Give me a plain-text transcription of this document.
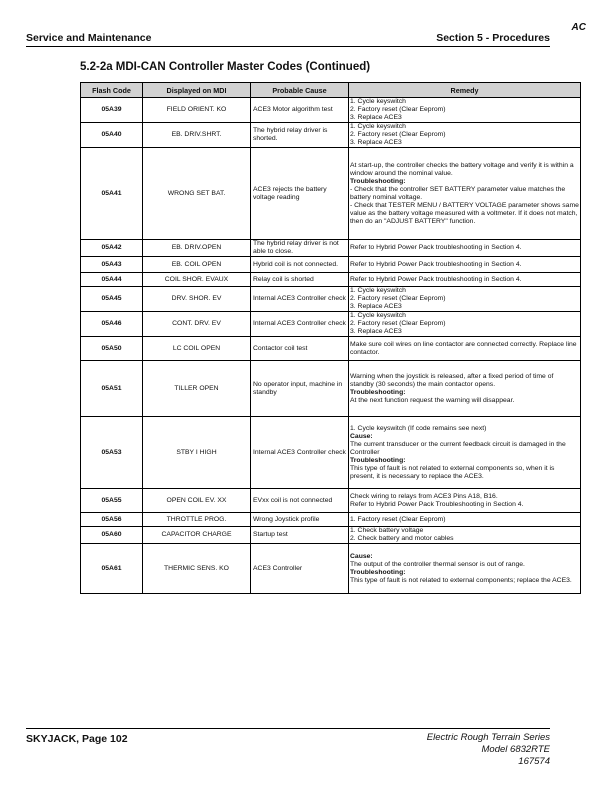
AC
Service and Maintenance	Section 5 - Procedures
5.2-2a MDI-CAN Controller Master Codes (Continued)
Flash Code	Displayed on MDI	Probable Cause	Remedy
05A39	FIELD ORIENT. KO	ACE3 Motor algorithm test	1. Cycle keyswitch
2. Factory reset (Clear Eeprom)
3. Replace ACE3

05A40	EB. DRIV.SHRT.	The hybrid relay driver is shorted.	1. Cycle keyswitch
2. Factory reset (Clear Eeprom)
3. Replace ACE3

05A41	WRONG SET BAT.	ACE3 rejects the battery voltage reading	At start-up, the controller checks the battery voltage and verify it is within a window around the nominal value.
Troubleshooting:
- Check that the controller SET BATTERY parameter value matches the battery nominal voltage.
- Check that TESTER MENU / BATTERY VOLTAGE parameter shows same value as the battery voltage measured with a voltmeter. If it does not match, then do an "ADJUST BATTERY" function.

05A42	EB. DRIV.OPEN	The hybrid relay driver is not able to close.	Refer to Hybrid Power Pack troubleshooting in Section 4.

05A43	EB. COIL OPEN	Hybrid coil is not connected.	Refer to Hybrid Power Pack troubleshooting in Section 4.

05A44	COIL SHOR. EVAUX	Relay coil is shorted	Refer to Hybrid Power Pack troubleshooting in Section 4.

05A45	DRV. SHOR. EV	Internal ACE3 Controller check	1. Cycle keyswitch
2. Factory reset (Clear Eeprom)
3. Replace ACE3

05A46	CONT. DRV. EV	Internal ACE3 Controller check	1. Cycle keyswitch
2. Factory reset (Clear Eeprom)
3. Replace ACE3

05A50	LC COIL OPEN	Contactor coil test	Make sure coil wires on line contactor are connected correctly. Replace line contactor.

05A51	TILLER OPEN	No operator input, machine in standby	Warning when the joystick is released, after a fixed period of time of standby (30 seconds) the main contactor opens.
Troubleshooting:
At the next function request the warning will disappear.

05A53	STBY I HIGH	Internal ACE3 Controller check	1. Cycle keyswitch (If code remains see next)
Cause:
The current transducer or the current feedback circuit is damaged in the Controller
Troubleshooting:
This type of fault is not related to external components so, when it is present, it is necessary to replace the ACE3.

05A55	OPEN COIL EV. XX	EVxx coil is not connected	Check wiring to relays from ACE3 Pins A18, B16.
Refer to Hybrid Power Pack Troubleshooting in Section 4.

05A56	THROTTLE PROG.	Wrong Joystick profile	1. Factory reset (Clear Eeprom)

05A60	CAPACITOR CHARGE	Startup test	1. Check battery voltage
2. Check battery and motor cables

05A61	THERMIC SENS. KO	ACE3 Controller	Cause:
The output of the controller thermal sensor is out of range.
Troubleshooting:
This type of fault is not related to external components; replace the ACE3.
SKYJACK, Page 102	Electric Rough Terrain Series
Model 6832RTE
167574
